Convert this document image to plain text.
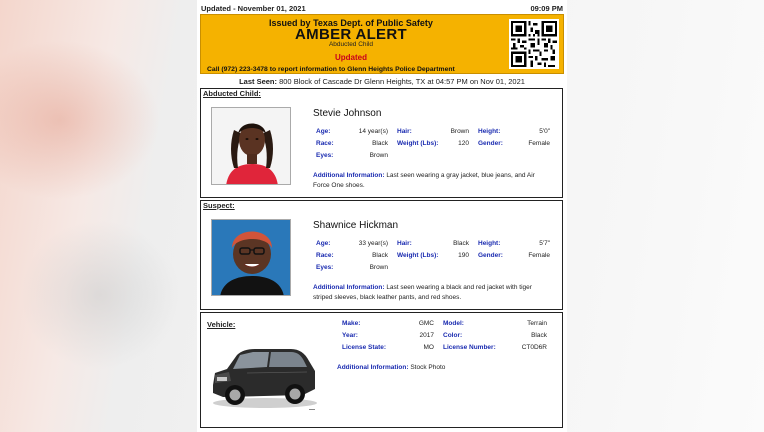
Updated - November 01, 2021	09:09 PM
Issued by Texas Dept. of Public Safety
AMBER ALERT
Abducted Child
Updated
Call (972) 223-3478 to report information to Glenn Heights Police Department
Last Seen: 800 Block of Cascade Dr Glenn Heights, TX at 04:57 PM on Nov 01, 2021
Abducted Child:
Stevie Johnson
Age:	14 year(s) Hair:	Brown Height:	5'0"
Race:	Black Weight (Lbs):	120 Gender:	Female
Eyes:	Brown
Additional Information: Last seen wearing a gray jacket, blue jeans, and Air Force One shoes.
Suspect:
Shawnice Hickman
Age:	33 year(s) Hair:	Black Height:	5'7"
Race:	Black Weight (Lbs):	190 Gender:	Female
Eyes:	Brown
Additional Information: Last seen wearing a black and red jacket with tiger striped sleeves, black leather pants, and red shoes.
Vehicle:	Make:	GMC Model:	Terrain
Year:	2017 Color:	Black
License State:	MO License Number:	CT0D6R
Additional Information: Stock Photo
